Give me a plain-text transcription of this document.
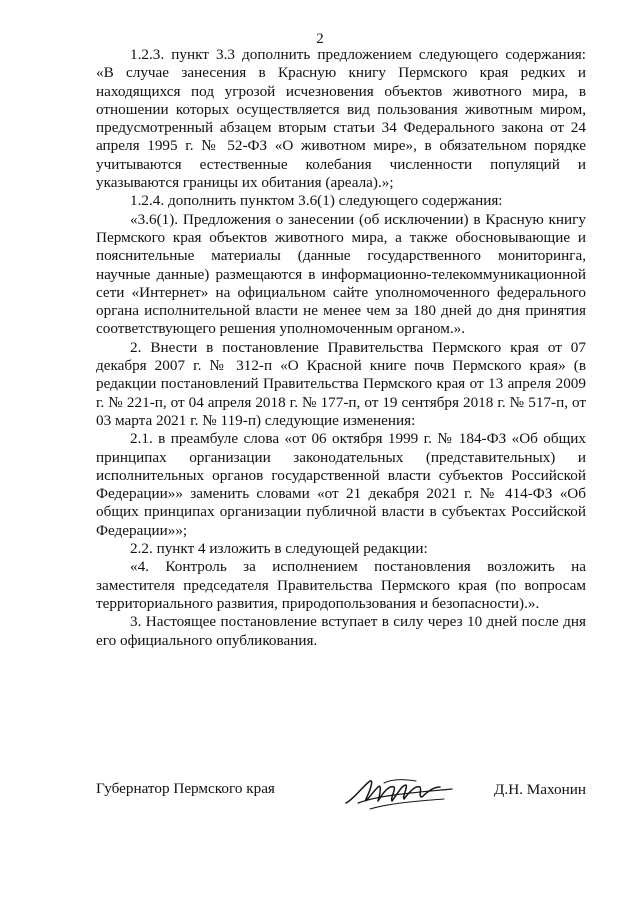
2

1.2.3. пункт 3.3 дополнить предложением следующего содержания: «В случае занесения в Красную книгу Пермского края редких и находящихся под угрозой исчезновения объектов животного мира, в отношении которых осуществляется вид пользования животным миром, предусмотренный абзацем вторым статьи 34 Федерального закона от 24 апреля 1995 г. № 52-ФЗ «О животном мире», в обязательном порядке учитываются естественные колебания численности популяций и указываются границы их обитания (ареала).»;

1.2.4. дополнить пунктом 3.6(1) следующего содержания:

«3.6(1). Предложения о занесении (об исключении) в Красную книгу Пермского края объектов животного мира, а также обосновывающие и пояснительные материалы (данные государственного мониторинга, научные данные) размещаются в информационно-телекоммуникационной сети «Интернет» на официальном сайте уполномоченного федерального органа исполнительной власти не менее чем за 180 дней до дня принятия соответствующего решения уполномоченным органом.».

2. Внести в постановление Правительства Пермского края от 07 декабря 2007 г. № 312-п «О Красной книге почв Пермского края» (в редакции постановлений Правительства Пермского края от 13 апреля 2009 г. № 221-п, от 04 апреля 2018 г. № 177-п, от 19 сентября 2018 г. № 517-п, от 03 марта 2021 г. № 119-п) следующие изменения:

2.1. в преамбуле слова «от 06 октября 1999 г. № 184-ФЗ «Об общих принципах организации законодательных (представительных) и исполнительных органов государственной власти субъектов Российской Федерации»» заменить словами «от 21 декабря 2021 г. № 414-ФЗ «Об общих принципах организации публичной власти в субъектах Российской Федерации»»;

2.2. пункт 4 изложить в следующей редакции:

«4. Контроль за исполнением постановления возложить на заместителя председателя Правительства Пермского края (по вопросам территориального развития, природопользования и безопасности).».

3. Настоящее постановление вступает в силу через 10 дней после дня его официального опубликования.

Губернатор Пермского края	Д.Н. Махонин
